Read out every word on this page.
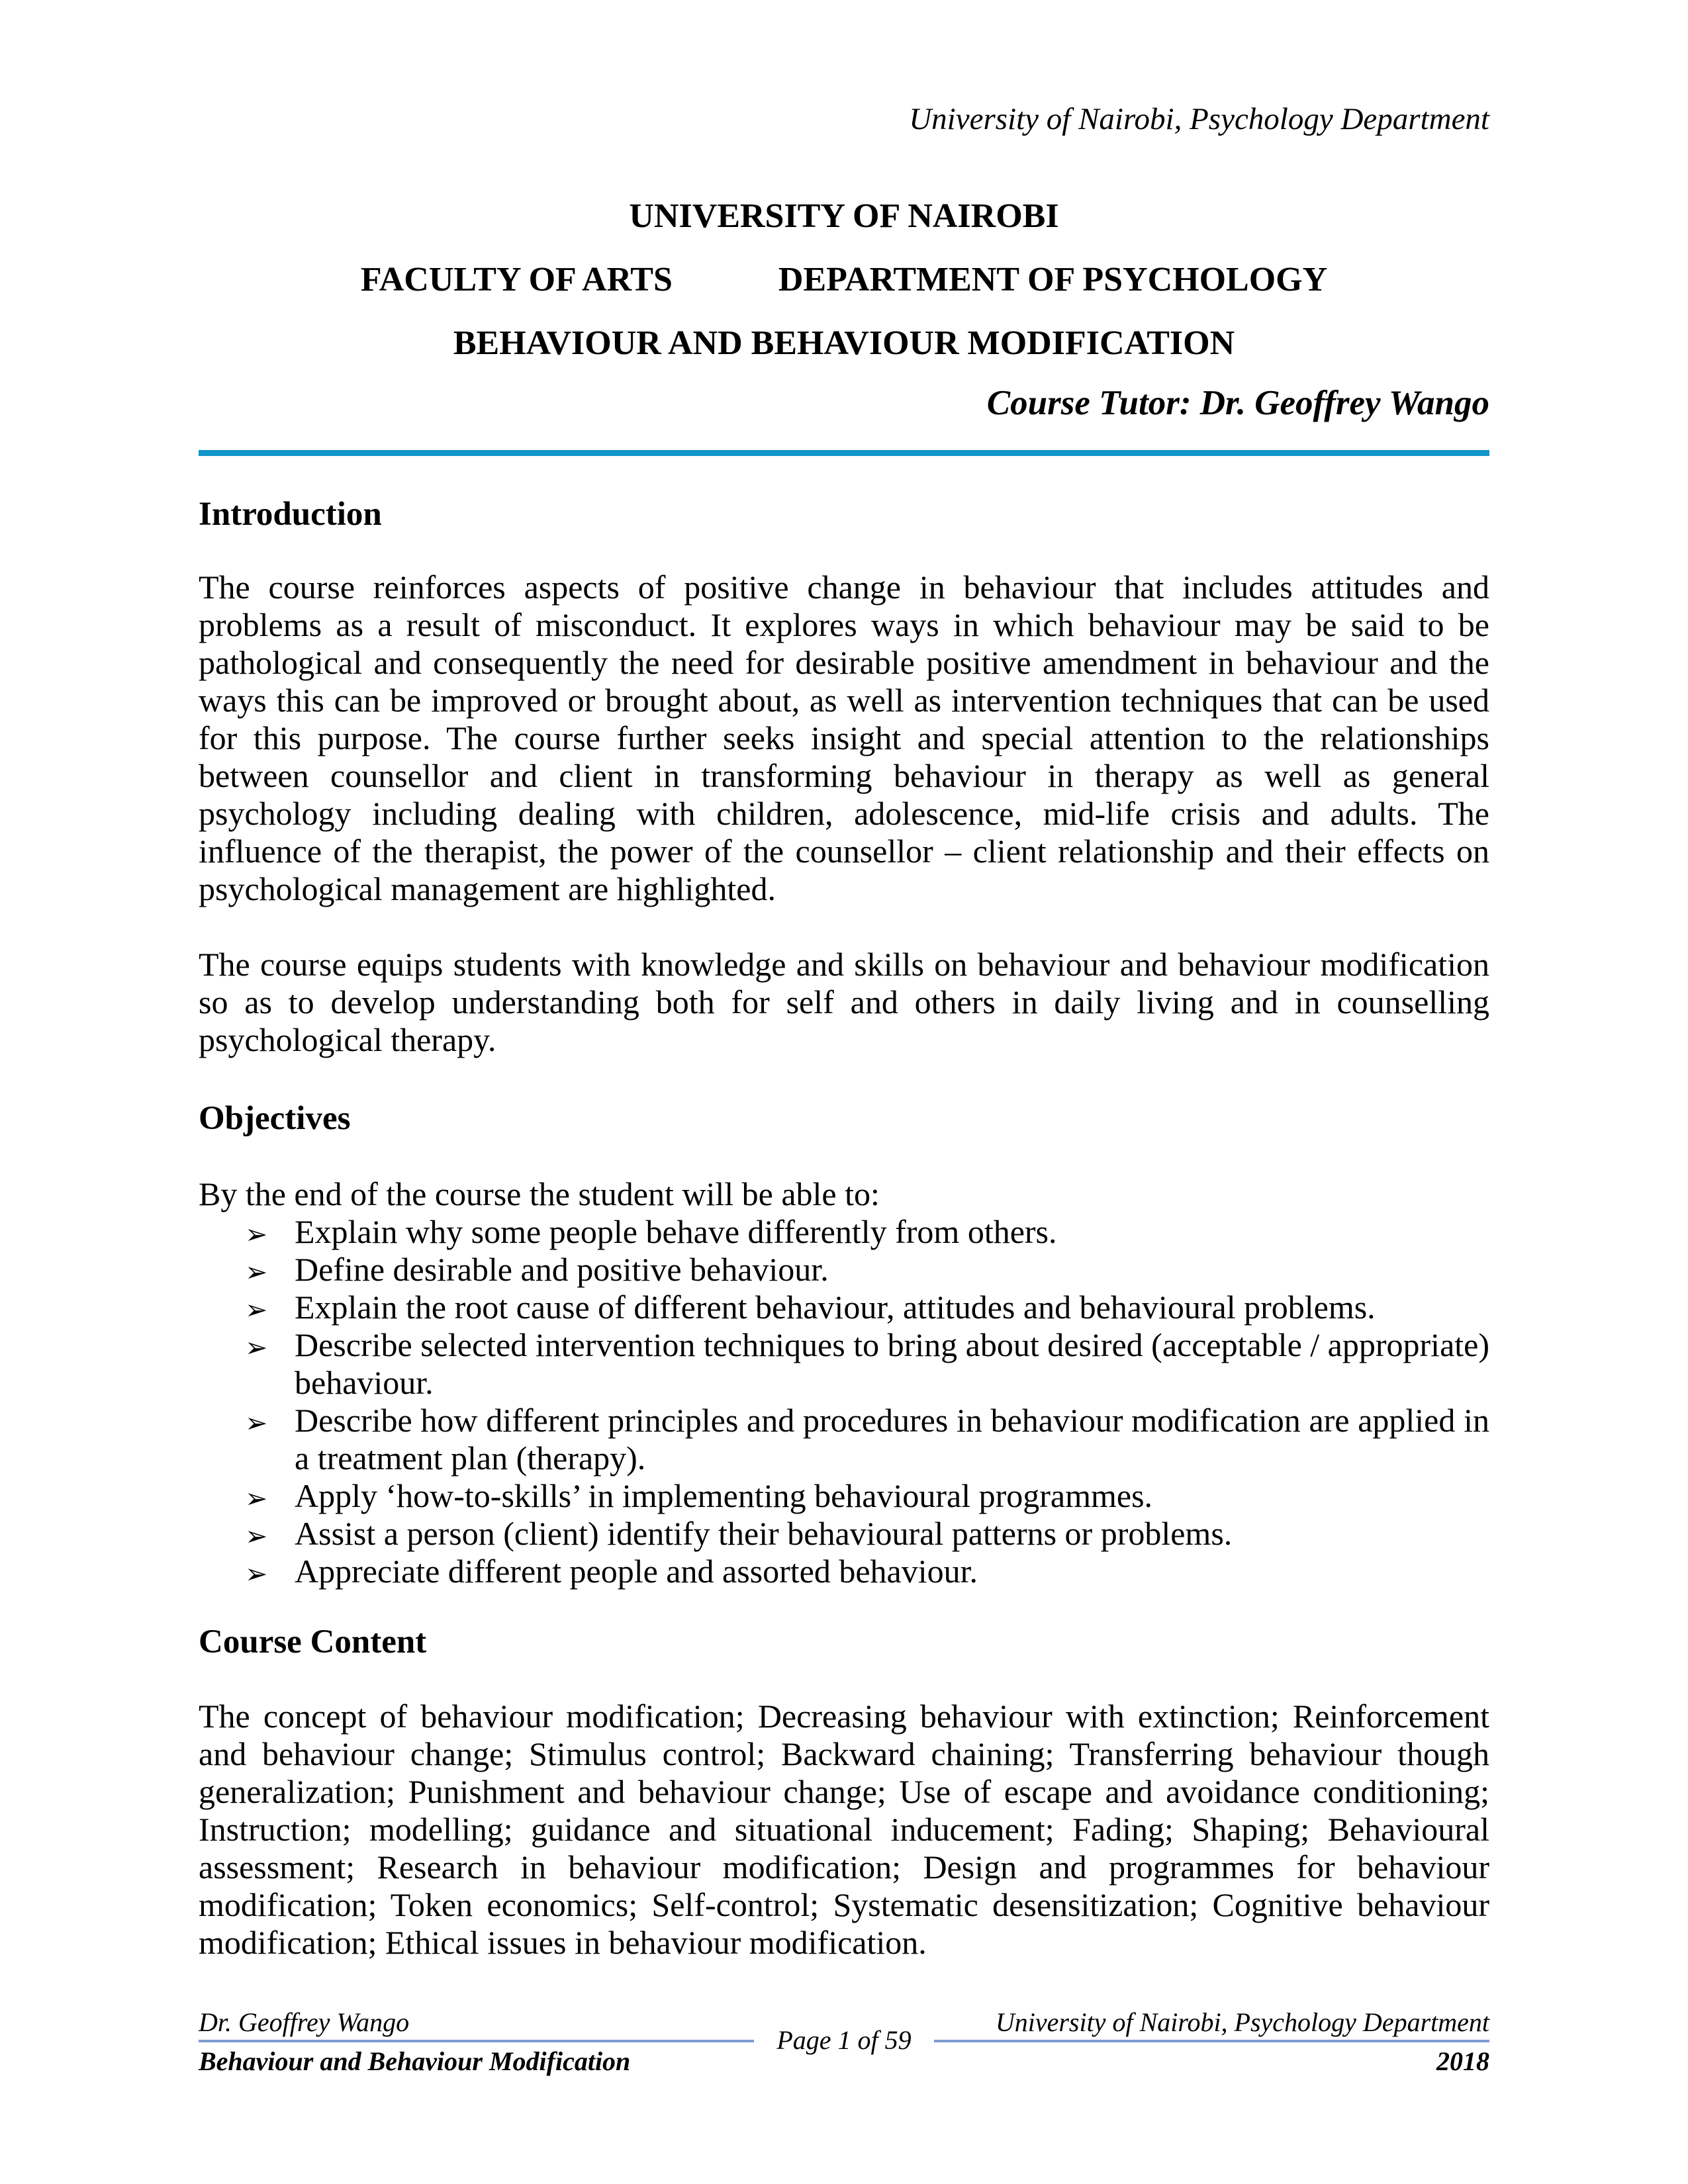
University of Nairobi, Psychology Department
UNIVERSITY OF NAIROBI
FACULTY OF ARTS	DEPARTMENT OF PSYCHOLOGY
BEHAVIOUR AND BEHAVIOUR MODIFICATION
Course Tutor: Dr. Geoffrey Wango
Introduction

The course reinforces aspects of positive change in behaviour that includes attitudes and problems as a result of misconduct. It explores ways in which behaviour may be said to be pathological and consequently the need for desirable positive amendment in behaviour and the ways this can be improved or brought about, as well as intervention techniques that can be used for this purpose. The course further seeks insight and special attention to the relationships between counsellor and client in transforming behaviour in therapy as well as general psychology including dealing with children, adolescence, mid-life crisis and adults. The influence of the therapist, the power of the counsellor – client relationship and their effects on psychological management are highlighted.

The course equips students with knowledge and skills on behaviour and behaviour modification so as to develop understanding both for self and others in daily living and in counselling psychological therapy.

Objectives

By the end of the course the student will be able to:

➢ Explain why some people behave differently from others.
➢ Define desirable and positive behaviour.
➢ Explain the root cause of different behaviour, attitudes and behavioural problems.
➢ Describe selected intervention techniques to bring about desired (acceptable / appropriate) behaviour.
➢ Describe how different principles and procedures in behaviour modification are applied in a treatment plan (therapy).
➢ Apply ‘how-to-skills’ in implementing behavioural programmes.
➢ Assist a person (client) identify their behavioural patterns or problems.
➢ Appreciate different people and assorted behaviour.
Course Content

The concept of behaviour modification; Decreasing behaviour with extinction; Reinforcement and behaviour change; Stimulus control; Backward chaining; Transferring behaviour though generalization; Punishment and behaviour change; Use of escape and avoidance conditioning; Instruction; modelling; guidance and situational inducement; Fading; Shaping; Behavioural assessment; Research in behaviour modification; Design and programmes for behaviour modification; Token economics; Self-control; Systematic desensitization; Cognitive behaviour modification; Ethical issues in behaviour modification.

Dr. Geoffrey Wango
Behaviour and Behaviour Modification
Page 1 of 59
University of Nairobi, Psychology Department
2018
